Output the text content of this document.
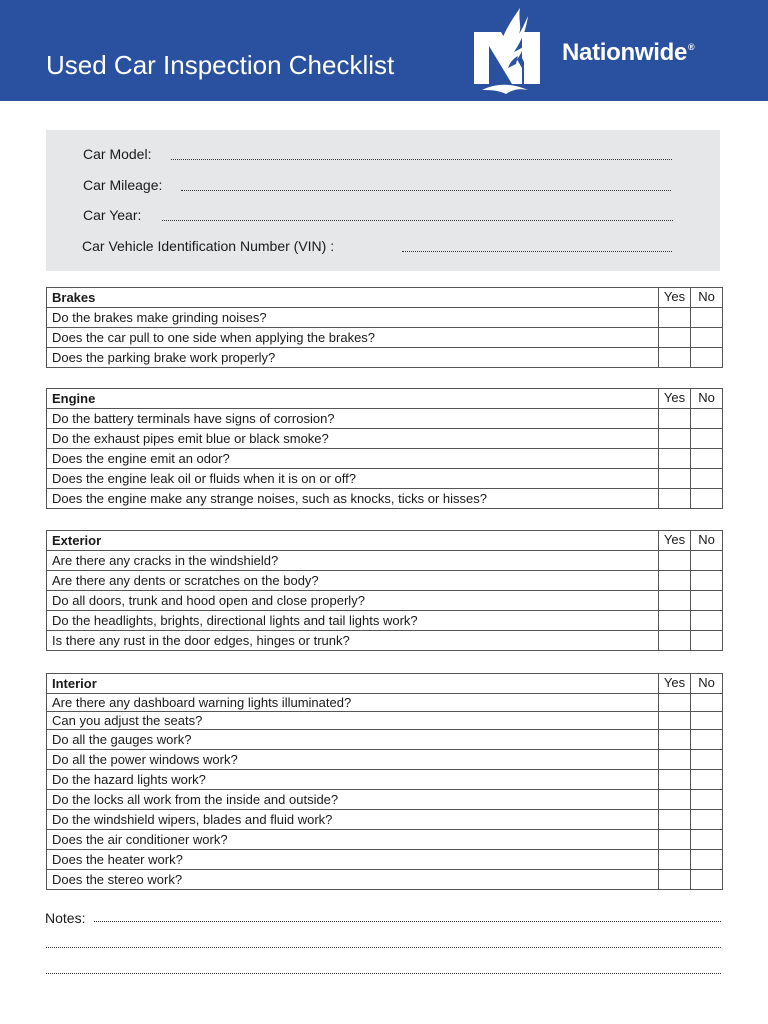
Used Car Inspection Checklist	Nationwide®
Car Model:
Car Mileage:
Car Year:
Car Vehicle Identification Number (VIN) :
Brakes	Yes	No
Do the brakes make grinding noises?		
Does the car pull to one side when applying the brakes?		
Does the parking brake work properly?		
Engine	Yes	No
Do the battery terminals have signs of corrosion?		
Do the exhaust pipes emit blue or black smoke?		
Does the engine emit an odor?		
Does the engine leak oil or fluids when it is on or off?		
Does the engine make any strange noises, such as knocks, ticks or hisses?		
Exterior	Yes	No
Are there any cracks in the windshield?		
Are there any dents or scratches on the body?		
Do all doors, trunk and hood open and close properly?		
Do the headlights, brights, directional lights and tail lights work?		
Is there any rust in the door edges, hinges or trunk?		
Interior	Yes	No
Are there any dashboard warning lights illuminated?		
Can you adjust the seats?		
Do all the gauges work?		
Do all the power windows work?		
Do the hazard lights work?		
Do the locks all work from the inside and outside?		
Do the windshield wipers, blades and fluid work?		
Does the air conditioner work?		
Does the heater work?		
Does the stereo work?		
Notes:
